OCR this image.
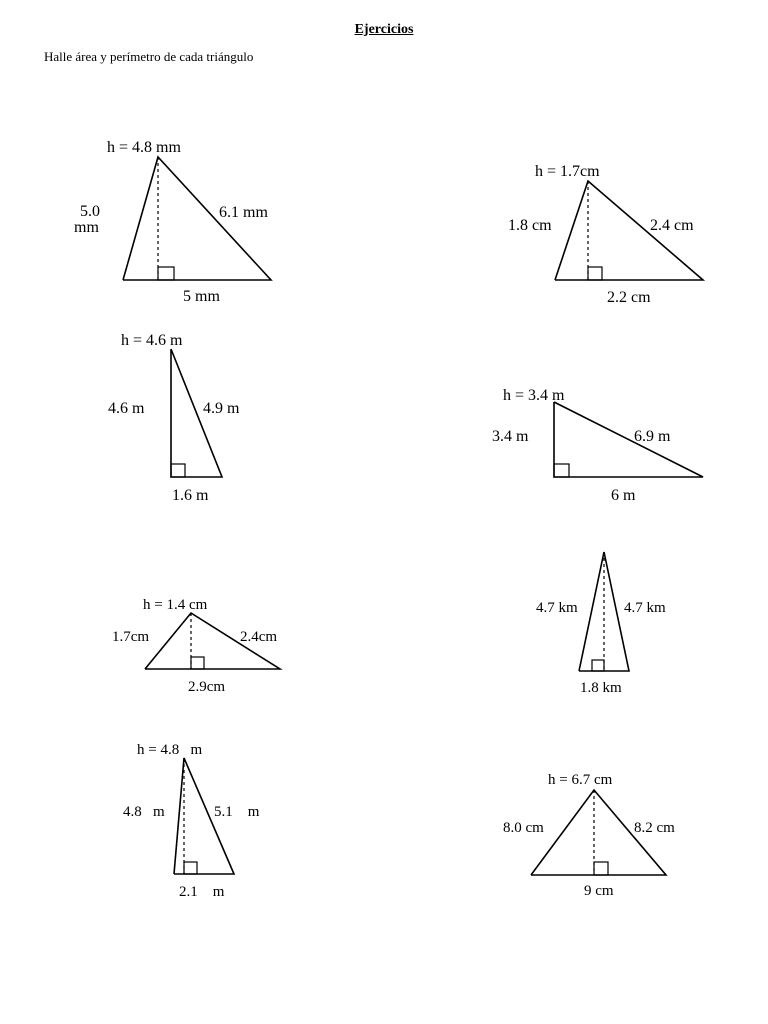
Ejercicios
Halle área y perímetro de cada triángulo
h = 4.8 mm
5.0
mm
6.1 mm
5 mm
h = 1.7cm
1.8 cm	2.4 cm
2.2 cm
h = 4.6 m
4.6 m	4.9 m
1.6 m
h = 3.4 m
3.4 m	6.9 m
6 m
h = 1.4 cm
1.7cm	2.4cm
2.9cm
4.7 km	4.7 km
1.8 km
h = 4.8   m
4.8   m	5.1    m
2.1    m
h = 6.7 cm
8.0 cm	8.2 cm
9 cm
